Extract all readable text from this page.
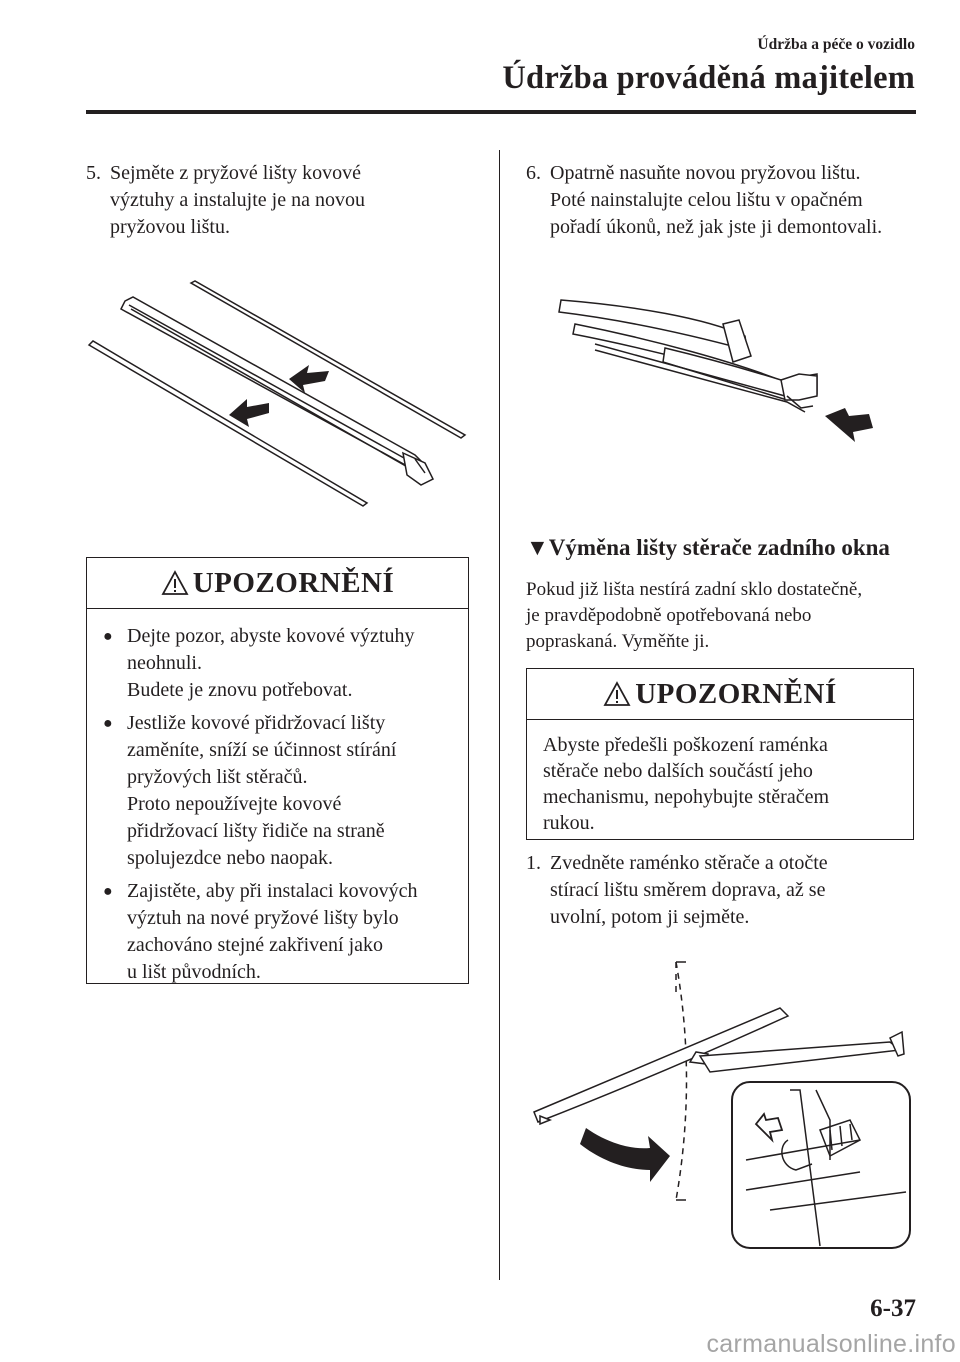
Údržba a péče o vozidlo
Údržba prováděná majitelem
5. Sejměte z pryžové lišty kovové
výztuhy a instalujte je na novou
pryžovou lištu.
UPOZORNĚNÍ
● Dejte pozor, abyste kovové výztuhy
neohnuli.
Budete je znovu potřebovat.
● Jestliže kovové přidržovací lišty
zaměníte, sníží se účinnost stírání
pryžových lišt stěračů.
Proto nepoužívejte kovové
přidržovací lišty řidiče na straně
spolujezdce nebo naopak.
● Zajistěte, aby při instalaci kovových
výztuh na nové pryžové lišty bylo
zachováno stejné zakřivení jako
u lišt původních.
6. Opatrně nasuňte novou pryžovou lištu.
Poté nainstalujte celou lištu v opačném
pořadí úkonů, než jak jste ji demontovali.
▼Výměna lišty stěrače zadního okna
Pokud již lišta nestírá zadní sklo dostatečně,
je pravděpodobně opotřebovaná nebo
popraskaná. Vyměňte ji.
UPOZORNĚNÍ
Abyste předešli poškození raménka
stěrače nebo dalších součástí jeho
mechanismu, nepohybujte stěračem
rukou.
1. Zvedněte raménko stěrače a otočte
stírací lištu směrem doprava, až se
uvolní, potom ji sejměte.
6-37
carmanualsonline.info
